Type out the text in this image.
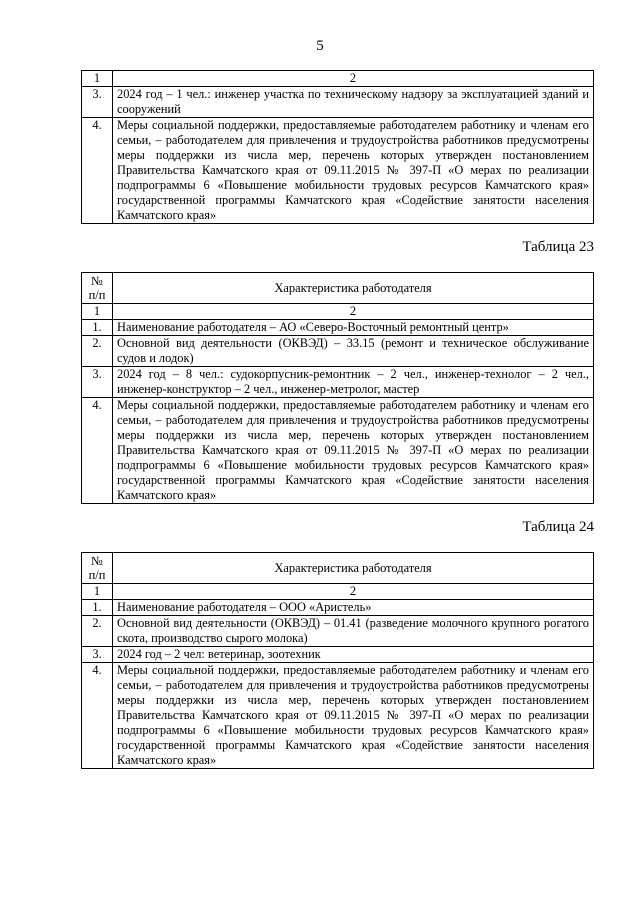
5
1	2
3.	2024 год – 1 чел.: инженер участка по техническому надзору за эксплуатацией зданий и сооружений
4.	Меры социальной поддержки, предоставляемые работодателем работнику и членам его семьи, – работодателем для привлечения и трудоустройства работников предусмотрены меры поддержки из числа мер, перечень которых утвержден постановлением Правительства Камчатского края от 09.11.2015 № 397-П «О мерах по реализации подпрограммы 6 «Повышение мобильности трудовых ресурсов Камчатского края» государственной программы Камчатского края «Содействие занятости населения Камчатского края»
Таблица 23
№ п/п	Характеристика работодателя
1	2
1.	Наименование работодателя – АО «Северо-Восточный ремонтный центр»
2.	Основной вид деятельности (ОКВЭД) – 33.15 (ремонт и техническое обслуживание судов и лодок)
3.	2024 год – 8 чел.: судокорпусник-ремонтник – 2 чел., инженер-технолог – 2 чел., инженер-конструктор – 2 чел., инженер-метролог, мастер
4.	Меры социальной поддержки, предоставляемые работодателем работнику и членам его семьи, – работодателем для привлечения и трудоустройства работников предусмотрены меры поддержки из числа мер, перечень которых утвержден постановлением Правительства Камчатского края от 09.11.2015 № 397-П «О мерах по реализации подпрограммы 6 «Повышение мобильности трудовых ресурсов Камчатского края» государственной программы Камчатского края «Содействие занятости населения Камчатского края»
Таблица 24
№ п/п	Характеристика работодателя
1	2
1.	Наименование работодателя – ООО «Аристель»
2.	Основной вид деятельности (ОКВЭД) – 01.41 (разведение молочного крупного рогатого скота, производство сырого молока)
3.	2024 год – 2 чел: ветеринар, зоотехник
4.	Меры социальной поддержки, предоставляемые работодателем работнику и членам его семьи, – работодателем для привлечения и трудоустройства работников предусмотрены меры поддержки из числа мер, перечень которых утвержден постановлением Правительства Камчатского края от 09.11.2015 № 397-П «О мерах по реализации подпрограммы 6 «Повышение мобильности трудовых ресурсов Камчатского края» государственной программы Камчатского края «Содействие занятости населения Камчатского края»
